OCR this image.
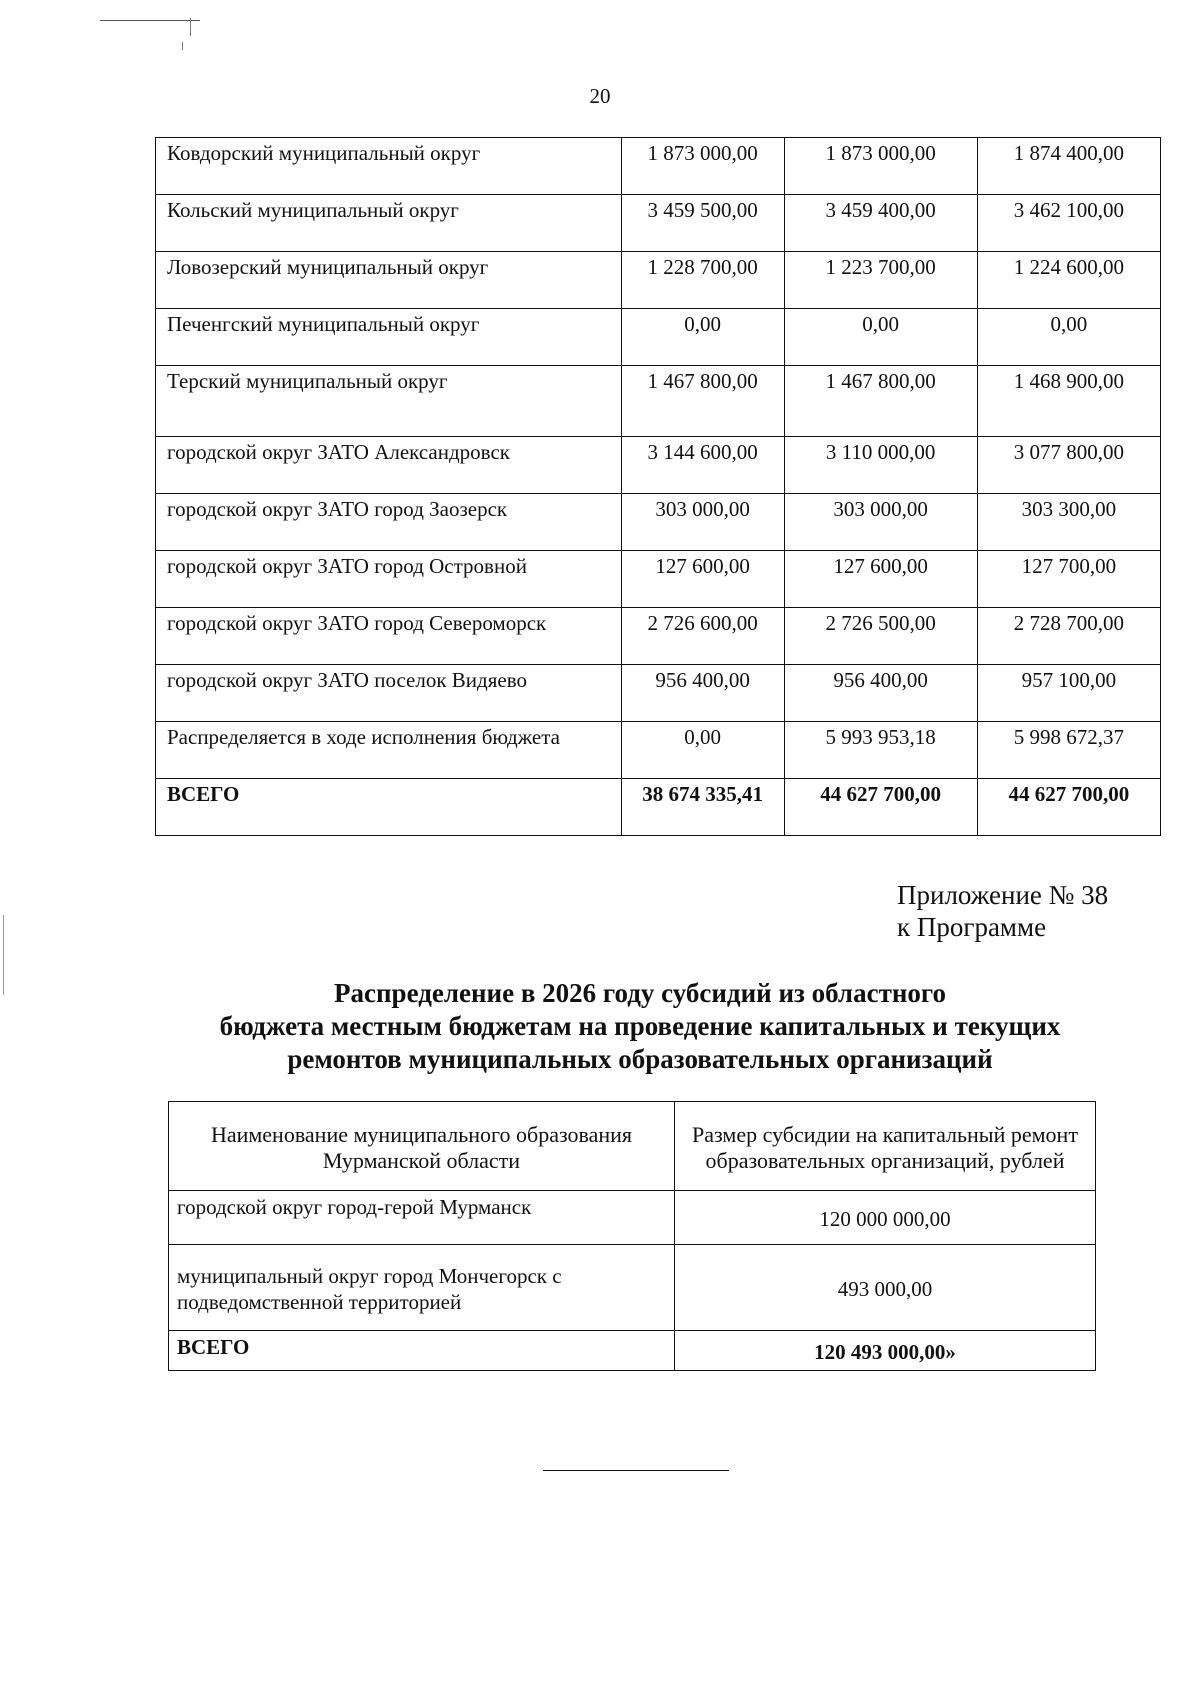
20
Ковдорский муниципальный округ	1 873 000,00	1 873 000,00	1 874 400,00
Кольский муниципальный округ	3 459 500,00	3 459 400,00	3 462 100,00
Ловозерский муниципальный округ	1 228 700,00	1 223 700,00	1 224 600,00
Печенгский муниципальный округ	0,00	0,00	0,00
Терский муниципальный округ	1 467 800,00	1 467 800,00	1 468 900,00
городской округ ЗАТО Александровск	3 144 600,00	3 110 000,00	3 077 800,00
городской округ ЗАТО город Заозерск	303 000,00	303 000,00	303 300,00
городской округ ЗАТО город Островной	127 600,00	127 600,00	127 700,00
городской округ ЗАТО город Североморск	2 726 600,00	2 726 500,00	2 728 700,00
городской округ ЗАТО поселок Видяево	956 400,00	956 400,00	957 100,00
Распределяется в ходе исполнения бюджета	0,00	5 993 953,18	5 998 672,37
ВСЕГО	38 674 335,41	44 627 700,00	44 627 700,00
Приложение № 38
к Программе
Распределение в 2026 году субсидий из областного
бюджета местным бюджетам на проведение капитальных и текущих
ремонтов муниципальных образовательных организаций
Наименование муниципального образования Мурманской области	Размер субсидии на капитальный ремонт образовательных организаций, рублей
городской округ город-герой Мурманск	120 000 000,00
муниципальный округ город Мончегорск с подведомственной территорией	493 000,00
ВСЕГО	120 493 000,00»
